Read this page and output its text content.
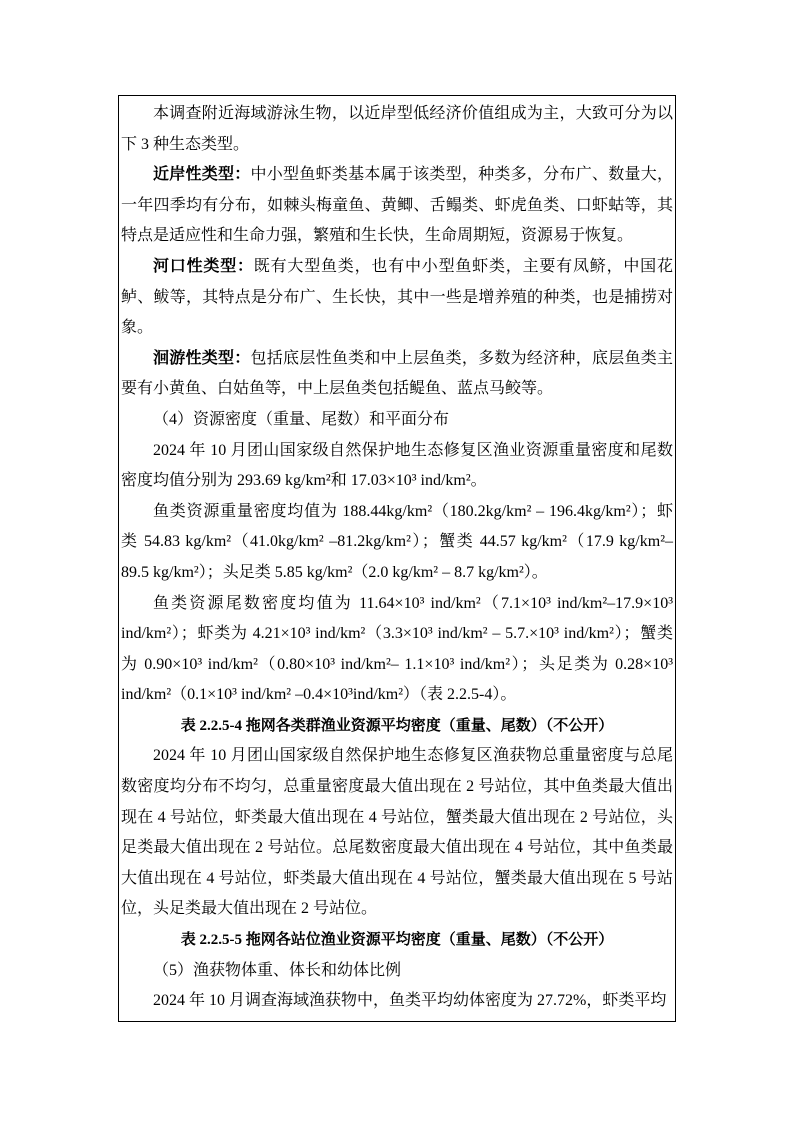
本调查附近海域游泳生物，以近岸型低经济价值组成为主，大致可分为以下 3 种生态类型。

近岸性类型：中小型鱼虾类基本属于该类型，种类多，分布广、数量大，一年四季均有分布，如棘头梅童鱼、黄鲫、舌鳎类、虾虎鱼类、口虾蛄等，其特点是适应性和生命力强，繁殖和生长快，生命周期短，资源易于恢复。

河口性类型：既有大型鱼类，也有中小型鱼虾类，主要有凤鲚，中国花鲈、鲅等，其特点是分布广、生长快，其中一些是增养殖的种类，也是捕捞对象。

洄游性类型：包括底层性鱼类和中上层鱼类，多数为经济种，底层鱼类主要有小黄鱼、白姑鱼等，中上层鱼类包括鳀鱼、蓝点马鲛等。

（4）资源密度（重量、尾数）和平面分布

2024 年 10 月团山国家级自然保护地生态修复区渔业资源重量密度和尾数密度均值分别为 293.69 kg/km²和 17.03×10³ ind/km²。

鱼类资源重量密度均值为 188.44kg/km²（180.2kg/km² – 196.4kg/km²）；虾类 54.83 kg/km²（41.0kg/km² –81.2kg/km²）；蟹类 44.57 kg/km²（17.9 kg/km²–89.5 kg/km²）；头足类 5.85 kg/km²（2.0 kg/km² – 8.7 kg/km²）。

鱼类资源尾数密度均值为 11.64×10³ ind/km²（7.1×10³ ind/km²–17.9×10³ ind/km²）；虾类为 4.21×10³ ind/km²（3.3×10³ ind/km² – 5.7.×10³ ind/km²）；蟹类为 0.90×10³ ind/km²（0.80×10³ ind/km²– 1.1×10³ ind/km²）；头足类为 0.28×10³ ind/km²（0.1×10³ ind/km² –0.4×10³ind/km²）（表 2.2.5-4）。

表 2.2.5-4 拖网各类群渔业资源平均密度（重量、尾数）（不公开）

2024 年 10 月团山国家级自然保护地生态修复区渔获物总重量密度与总尾数密度均分布不均匀，总重量密度最大值出现在 2 号站位，其中鱼类最大值出现在 4 号站位，虾类最大值出现在 4 号站位，蟹类最大值出现在 2 号站位，头足类最大值出现在 2 号站位。总尾数密度最大值出现在 4 号站位，其中鱼类最大值出现在 4 号站位，虾类最大值出现在 4 号站位，蟹类最大值出现在 5 号站位，头足类最大值出现在 2 号站位。

表 2.2.5-5 拖网各站位渔业资源平均密度（重量、尾数）（不公开）

（5）渔获物体重、体长和幼体比例

2024 年 10 月调查海域渔获物中，鱼类平均幼体密度为 27.72%，虾类平均
